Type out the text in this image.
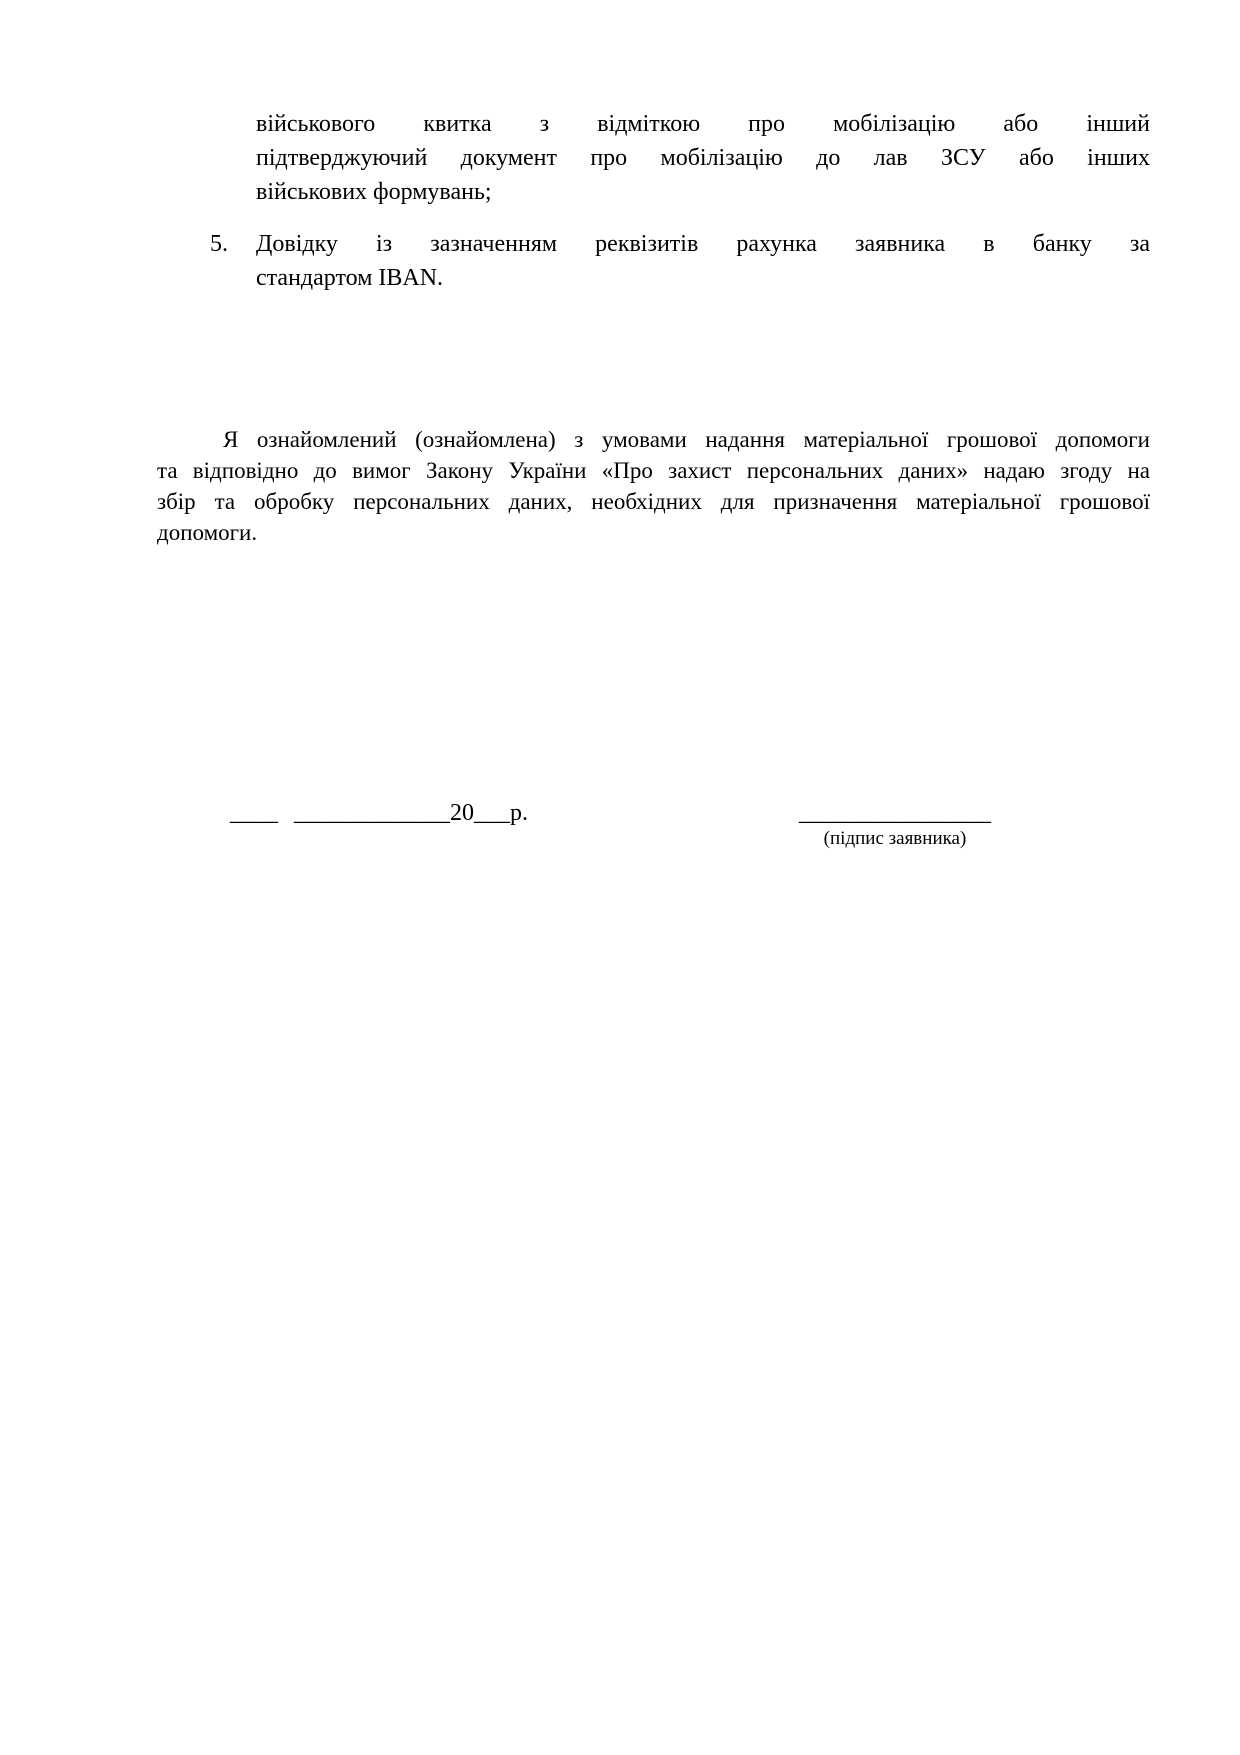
військового квитка з відміткою про мобілізацію або інший
підтверджуючий документ про мобілізацію до лав ЗСУ або інших
військових формувань;
5. Довідку із зазначенням реквізитів рахунка заявника в банку за
стандартом IBAN.
Я ознайомлений (ознайомлена) з умовами надання матеріальної грошової допомоги
та відповідно до вимог Закону України «Про захист персональних даних» надаю згоду на
збір та обробку персональних даних, необхідних для призначення матеріальної грошової
допомоги.
____ _____________20___р.	________________
(підпис заявника)
